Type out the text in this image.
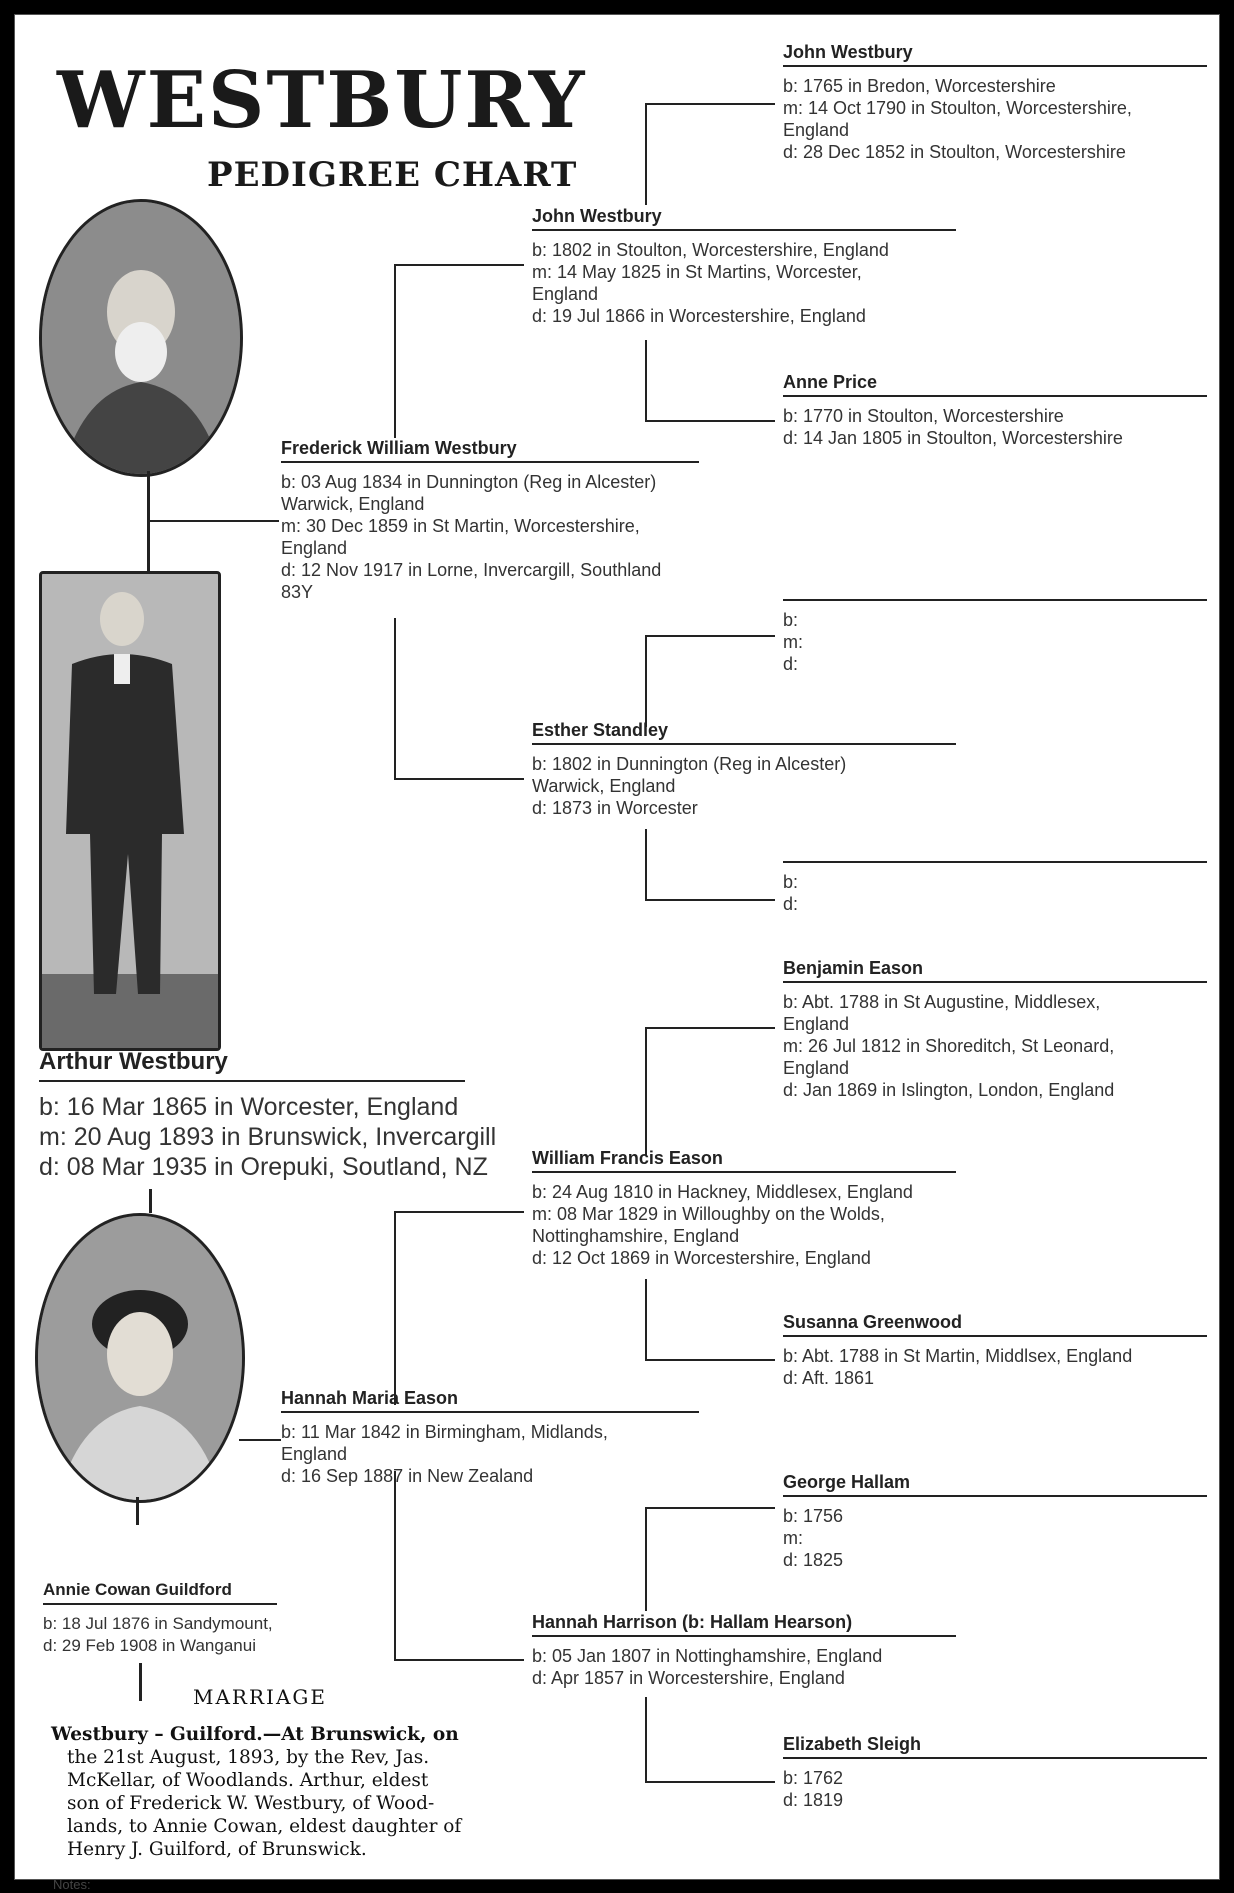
WESTBURY
PEDIGREE CHART
Arthur Westbury
b: 16 Mar 1865 in Worcester, England
m: 20 Aug 1893 in Brunswick, Invercargill
d: 08 Mar 1935 in Orepuki, Soutland, NZ
Annie Cowan Guildford
b: 18 Jul 1876 in Sandymount,
d: 29 Feb 1908 in Wanganui
Frederick William Westbury
b: 03 Aug 1834 in Dunnington (Reg in Alcester)
Warwick, England
m: 30 Dec 1859 in St Martin, Worcestershire,
England
d: 12 Nov 1917 in Lorne, Invercargill, Southland
83Y
Hannah Maria Eason
b: 11 Mar 1842 in Birmingham, Midlands,
England
d: 16 Sep 1887 in New Zealand
John Westbury
b: 1802 in Stoulton, Worcestershire, England
m: 14 May 1825 in St Martins, Worcester,
England
d: 19 Jul 1866 in Worcestershire, England
Esther Standley
b: 1802 in Dunnington (Reg in Alcester)
Warwick, England
d: 1873 in Worcester
William Francis Eason
b: 24 Aug 1810 in Hackney, Middlesex, England
m: 08 Mar 1829 in Willoughby on the Wolds,
Nottinghamshire, England
d: 12 Oct 1869 in Worcestershire, England
Hannah Harrison (b: Hallam Hearson)
b: 05 Jan 1807 in Nottinghamshire, England
d: Apr 1857 in Worcestershire, England
John Westbury
b: 1765 in Bredon, Worcestershire
m: 14 Oct 1790 in Stoulton, Worcestershire,
England
d: 28 Dec 1852 in Stoulton, Worcestershire
Anne Price
b: 1770 in Stoulton, Worcestershire
d: 14 Jan 1805 in Stoulton, Worcestershire
b:
m:
d:
b:
d:
Benjamin Eason
b: Abt. 1788 in St Augustine, Middlesex,
England
m: 26 Jul 1812 in Shoreditch, St Leonard,
England
d: Jan 1869 in Islington, London, England
Susanna Greenwood
b: Abt. 1788 in St Martin, Middlsex, England
d: Aft. 1861
George Hallam
b: 1756
m:
d: 1825
Elizabeth Sleigh
b: 1762
d: 1819
MARRIAGE
Westbury – Guilford.—At Brunswick, on
the 21st August, 1893, by the Rev, Jas.
McKellar, of Woodlands. Arthur, eldest
son of Frederick W. Westbury, of Wood-
lands, to Annie Cowan, eldest daughter of
Henry J. Guilford, of Brunswick.
Notes:
